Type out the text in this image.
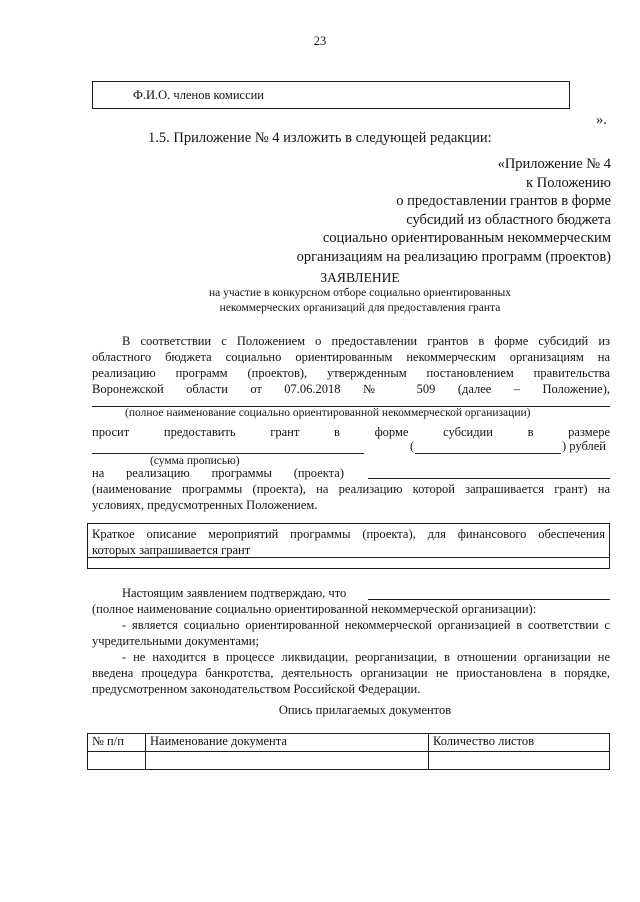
23
Ф.И.О. членов комиссии
».
1.5. Приложение № 4 изложить в следующей редакции:
«Приложение № 4
к Положению
о предоставлении грантов в форме
субсидий из областного бюджета
социально ориентированным некоммерческим
организациям на реализацию программ (проектов)
ЗАЯВЛЕНИЕ
на участие в конкурсном отборе социально ориентированных
некоммерческих организаций для предоставления гранта
В соответствии с Положением о предоставлении грантов в форме субсидий из
областного бюджета социально ориентированным некоммерческим организациям на
реализацию программ (проектов), утвержденным постановлением правительства
Воронежской области от 07.06.2018 № 509 (далее – Положение),
(полное наименование социально ориентированной некоммерческой организации)
просит предоставить грант в форме субсидии в размере
(	) рублей
(сумма прописью)
на реализацию программы (проекта)
(наименование программы (проекта), на реализацию которой запрашивается грант) на
условиях, предусмотренных Положением.
Краткое описание мероприятий программы (проекта), для финансового обеспечения
которых запрашивается грант
Настоящим заявлением подтверждаю, что
(полное наименование социально ориентированной некоммерческой организации):
- является социально ориентированной некоммерческой организацией в соответствии с
учредительными документами;
- не находится в процессе ликвидации, реорганизации, в отношении организации не
введена процедура банкротства, деятельность организации не приостановлена в порядке,
предусмотренном законодательством Российской Федерации.
Опись прилагаемых документов
№ п/п	Наименование документа	Количество листов
